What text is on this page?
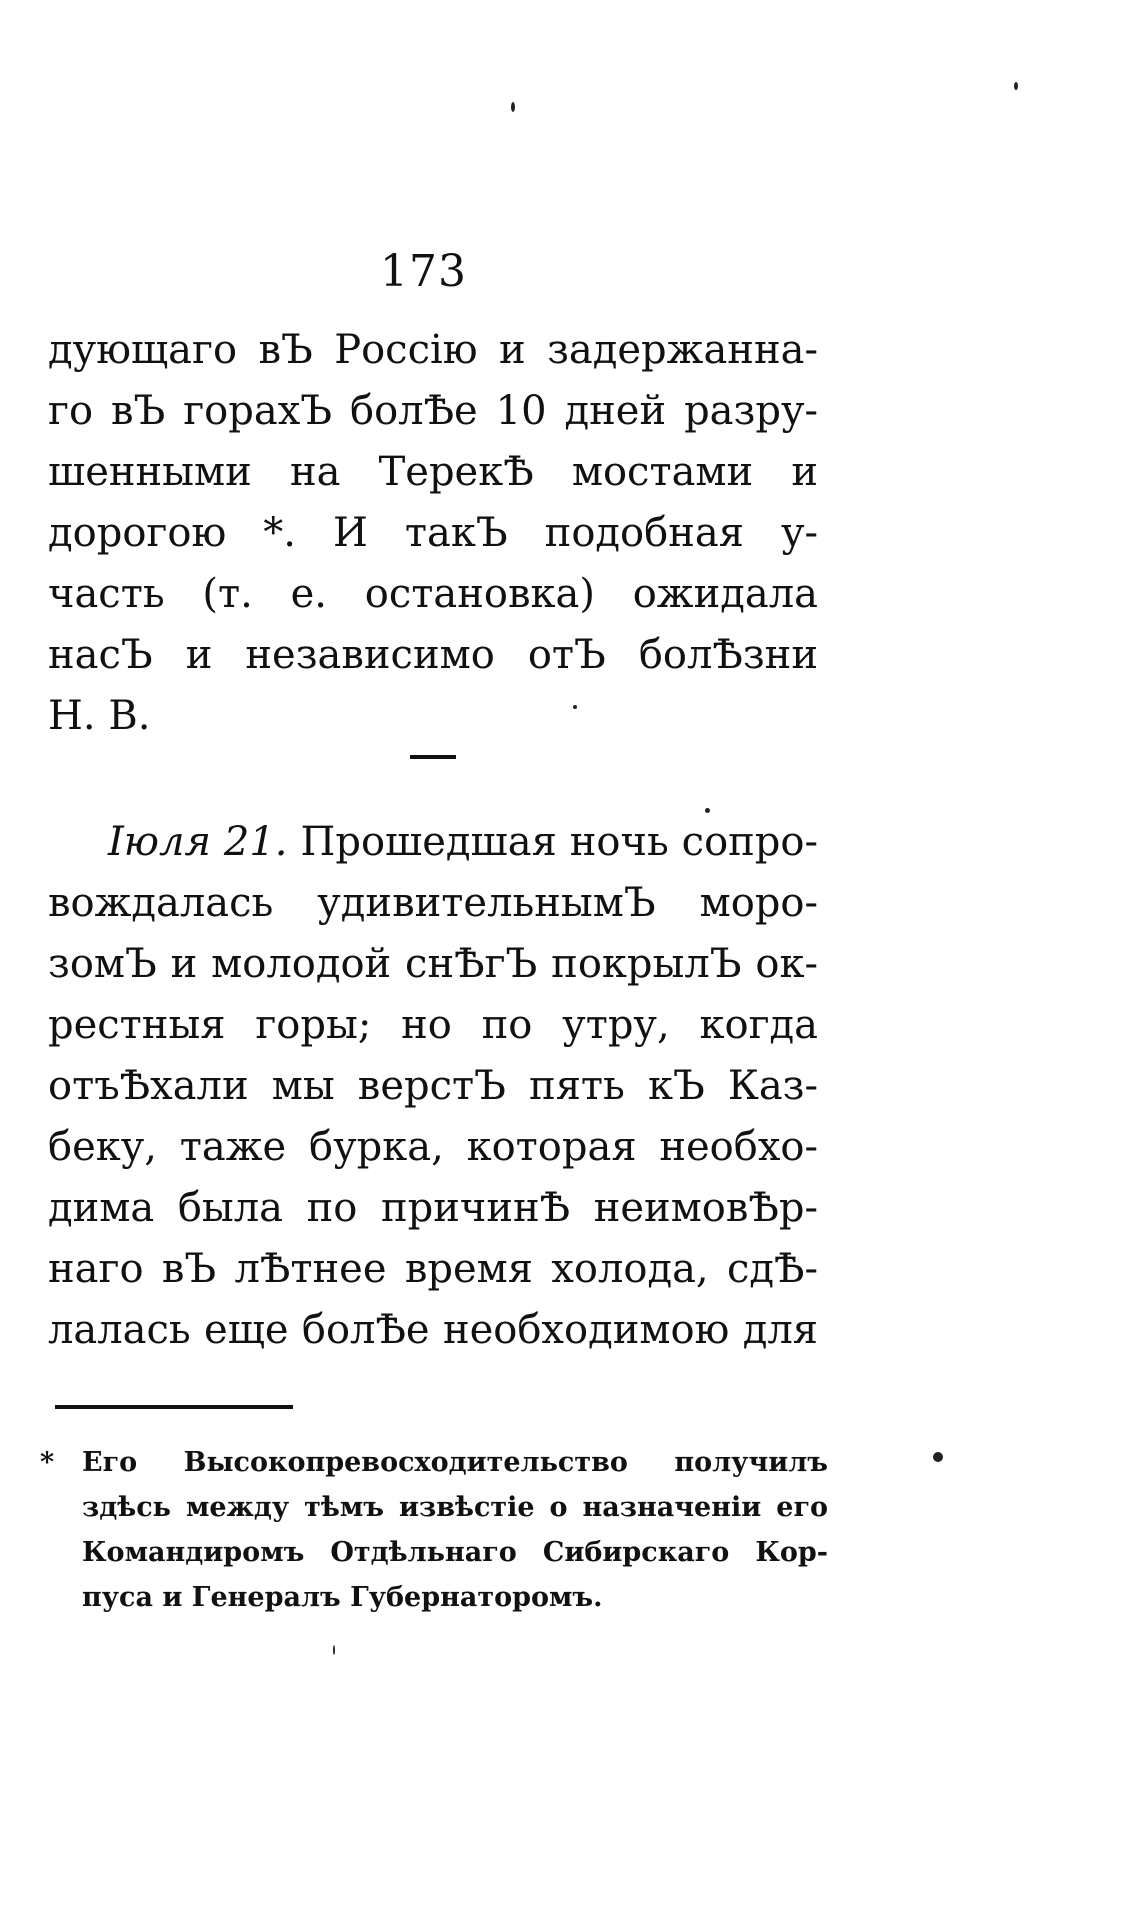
173
дующаго вЪ Россію и задержанна-
го вЪ горахЪ болѢе 10 дней разру-
шенными на ТерекѢ мостами и
дорогою *. И такЪ подобная у-
часть (т. е. остановка) ожидала
насЪ и независимо отЪ болѢзни
Н. В.
Іюля 21. Прошедшая ночь сопро-
вождалась удивительнымЪ моро-
зомЪ и молодой снѢгЪ покрылЪ ок-
рестныя горы; но по утру, когда
отъѢхали мы верстЪ пять кЪ Каз-
беку, таже бурка, которая необхо-
дима была по причинѢ неимовѢр-
наго вЪ лѢтнее время холода, сдѢ-
лалась еще болѢе необходимою для
*	Его Высокопревосходительство получилъ
здѣсь между тѣмъ извѣстіе о назначеніи его
Командиромъ Отдѣльнаго Сибирскаго Кор-
пуса и Генералъ Губернаторомъ.
